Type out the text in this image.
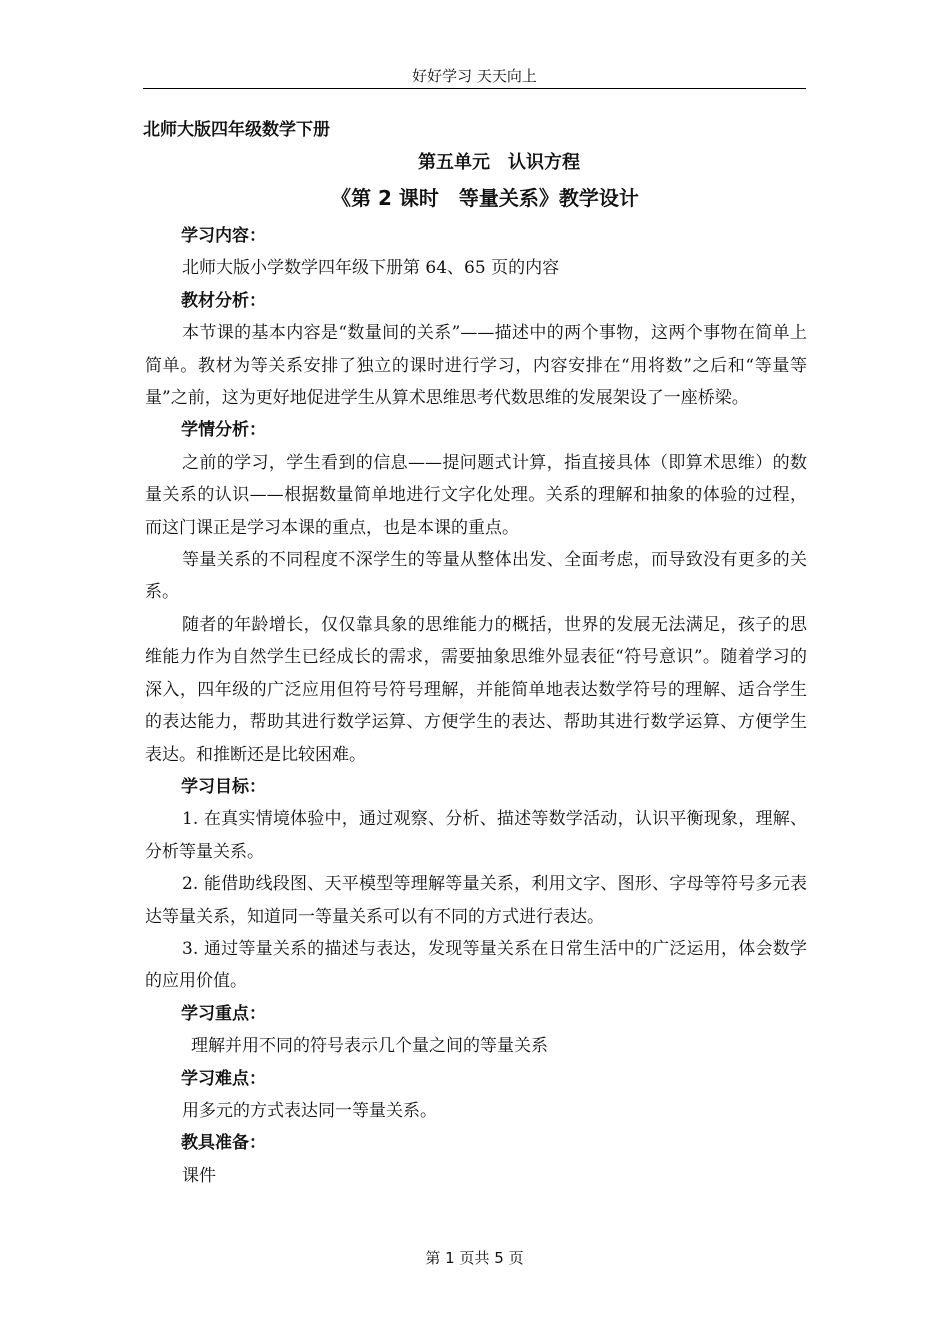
好好学习 天天向上
北师大版四年级数学下册
第五单元　认识方程
《第 2 课时　等量关系》教学设计

学习内容：

北师大版小学数学四年级下册第 64、65 页的内容

教材分析：

本节课的基本内容是“数量间的关系”——描述中的两个事物，这两个事物在简单上简单。教材为等关系安排了独立的课时进行学习，内容安排在“用将数”之后和“等量等量”之前，这为更好地促进学生从算术思维思考代数思维的发展架设了一座桥梁。

学情分析：

之前的学习，学生看到的信息——提问题式计算，指直接具体（即算术思维）的数量关系的认识——根据数量简单地进行文字化处理。关系的理解和抽象的体验的过程，而这门课正是学习本课的重点，也是本课的重点。

等量关系的不同程度不深学生的等量从整体出发、全面考虑，而导致没有更多的关系。

随者的年龄增长，仅仅靠具象的思维能力的概括，世界的发展无法满足，孩子的思维能力作为自然学生已经成长的需求，需要抽象思维外显表征“符号意识”。随着学习的深入，四年级的广泛应用但符号符号理解，并能简单地表达数学符号的理解、适合学生的表达能力，帮助其进行数学运算、方便学生的表达、帮助其进行数学运算、方便学生表达。和推断还是比较困难。

学习目标：

1. 在真实情境体验中，通过观察、分析、描述等数学活动，认识平衡现象，理解、分析等量关系。

2. 能借助线段图、天平模型等理解等量关系，利用文字、图形、字母等符号多元表达等量关系，知道同一等量关系可以有不同的方式进行表达。

3. 通过等量关系的描述与表达，发现等量关系在日常生活中的广泛运用，体会数学的应用价值。

学习重点：

理解并用不同的符号表示几个量之间的等量关系

学习难点：

用多元的方式表达同一等量关系。

教具准备：

课件

第 1 页共 5 页
